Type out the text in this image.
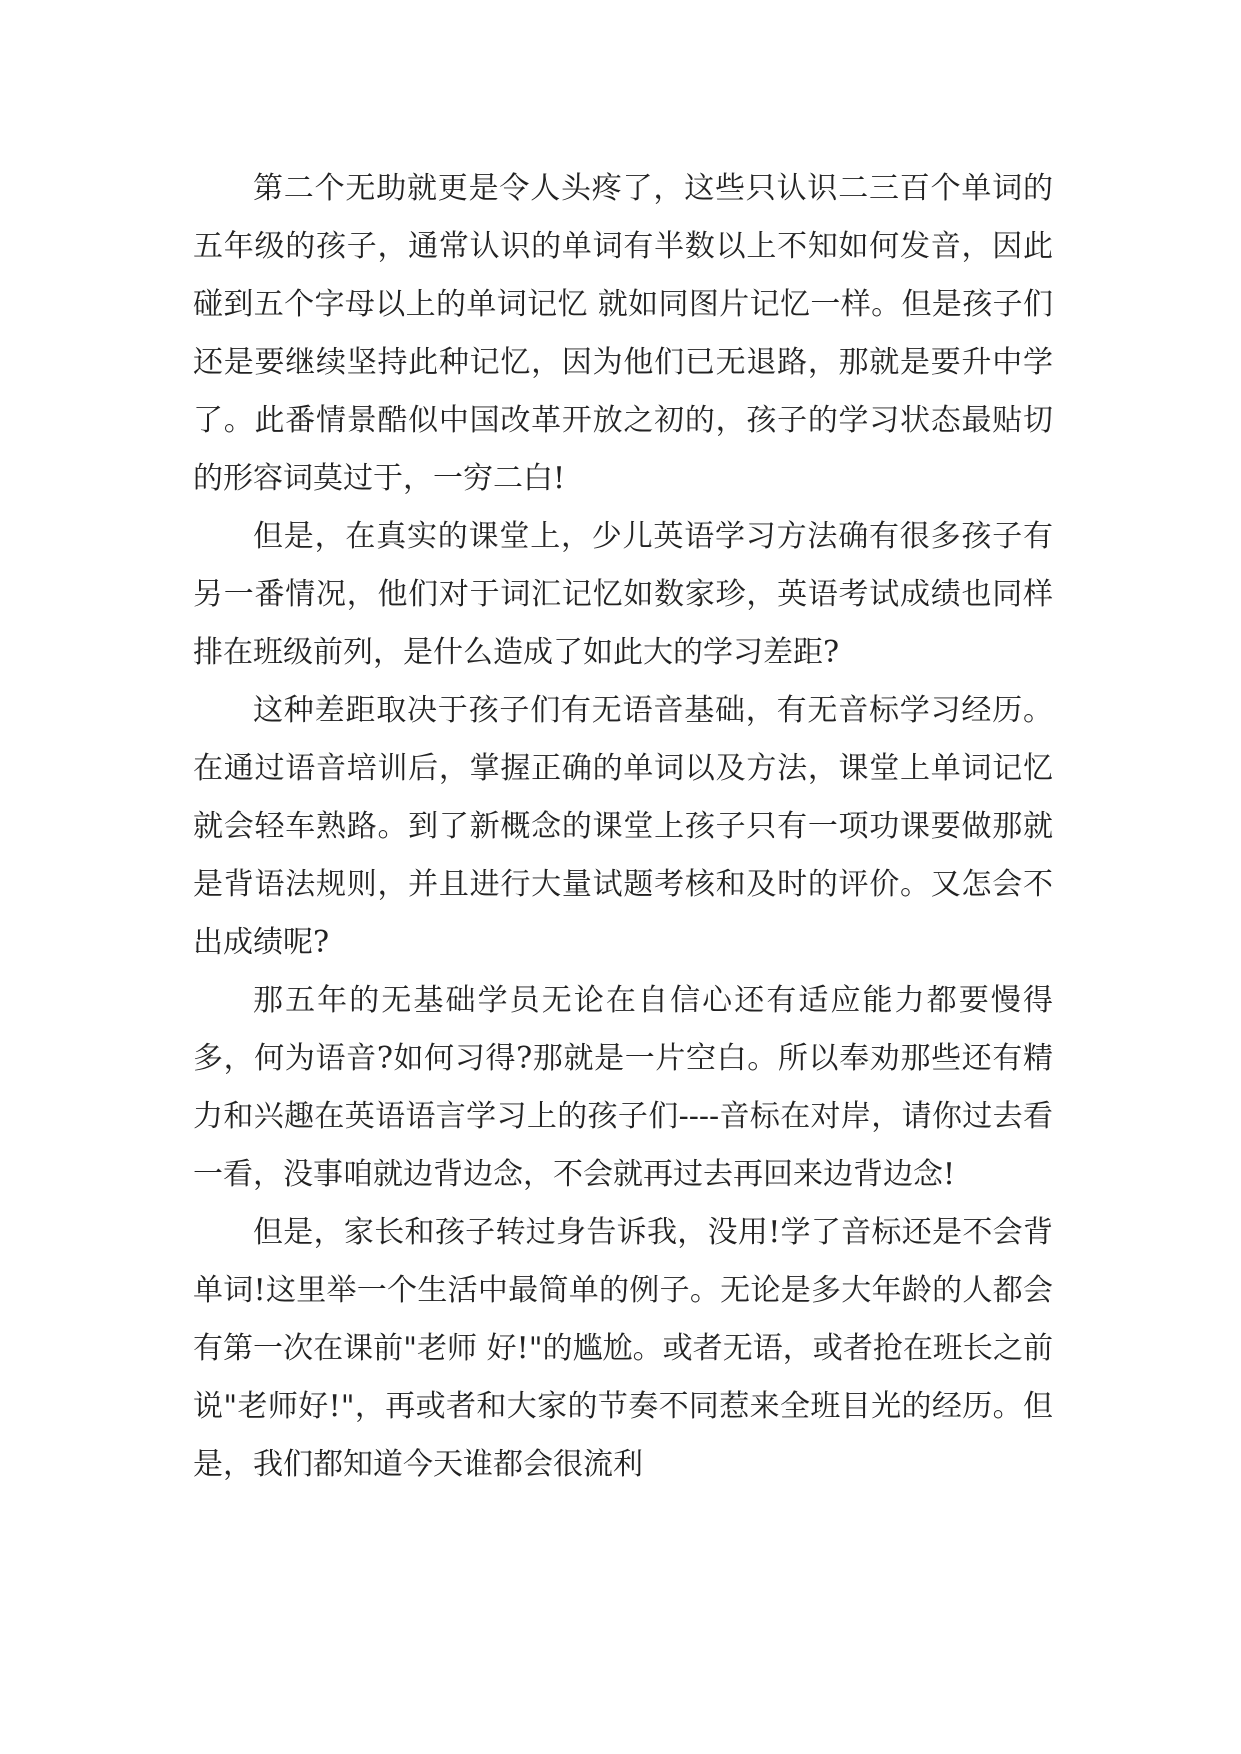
第二个无助就更是令人头疼了，这些只认识二三百个单词的五年级的孩子，通常认识的单词有半数以上不知如何发音，因此碰到五个字母以上的单词记忆 就如同图片记忆一样。但是孩子们还是要继续坚持此种记忆，因为他们已无退路，那就是要升中学了。此番情景酷似中国改革开放之初的，孩子的学习状态最贴切的形容词莫过于，一穷二白!

但是，在真实的课堂上，少儿英语学习方法确有很多孩子有另一番情况，他们对于词汇记忆如数家珍，英语考试成绩也同样排在班级前列，是什么造成了如此大的学习差距?

这种差距取决于孩子们有无语音基础，有无音标学习经历。在通过语音培训后，掌握正确的单词以及方法，课堂上单词记忆就会轻车熟路。到了新概念的课堂上孩子只有一项功课要做那就是背语法规则，并且进行大量试题考核和及时的评价。又怎会不出成绩呢?

那五年的无基础学员无论在自信心还有适应能力都要慢得多，何为语音?如何习得?那就是一片空白。所以奉劝那些还有精力和兴趣在英语语言学习上的孩子们----音标在对岸，请你过去看一看，没事咱就边背边念，不会就再过去再回来边背边念!

但是，家长和孩子转过身告诉我，没用!学了音标还是不会背单词!这里举一个生活中最简单的例子。无论是多大年龄的人都会有第一次在课前"老师 好!"的尴尬。或者无语，或者抢在班长之前说"老师好!"，再或者和大家的节奏不同惹来全班目光的经历。但是，我们都知道今天谁都会很流利
